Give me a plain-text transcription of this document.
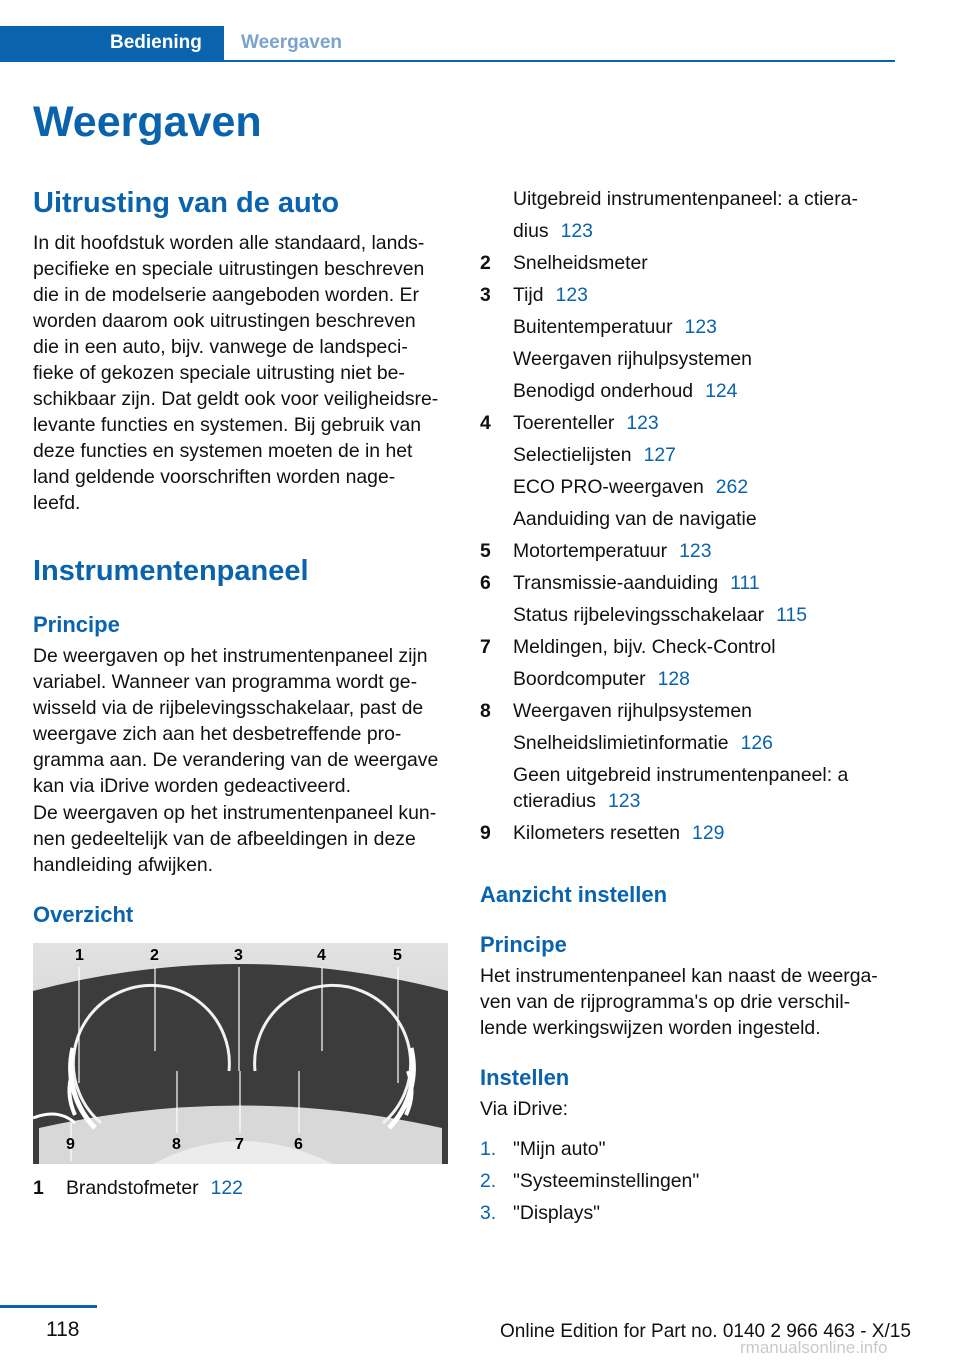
Bediening	Weergaven
Weergaven
Uitrusting van de auto
In dit hoofdstuk worden alle standaard, lands-
pecifieke en speciale uitrustingen beschreven
die in de modelserie aangeboden worden. Er
worden daarom ook uitrustingen beschreven
die in een auto, bijv. vanwege de landspeci-
fieke of gekozen speciale uitrusting niet be-
schikbaar zijn. Dat geldt ook voor veiligheidsre-
levante functies en systemen. Bij gebruik van
deze functies en systemen moeten de in het
land geldende voorschriften worden nage-
leefd.
Instrumentenpaneel
Principe
De weergaven op het instrumentenpaneel zijn
variabel. Wanneer van programma wordt ge-
wisseld via de rijbelevingsschakelaar, past de
weergave zich aan het desbetreffende pro-
gramma aan. De verandering van de weergave
kan via iDrive worden gedeactiveerd.
De weergaven op het instrumentenpaneel kun-
nen gedeeltelijk van de afbeeldingen in deze
handleiding afwijken.
Overzicht
1	2	3	4	5
9	8	7	6
1 Brandstofmeter 122
Uitgebreid instrumentenpaneel: a ctiera-
dius 123
2	Snelheidsmeter
3	Tijd 123
Buitentemperatuur 123
Weergaven rijhulpsystemen
Benodigd onderhoud 124
4	Toerenteller 123
Selectielijsten 127
ECO PRO-weergaven 262
Aanduiding van de navigatie
5	Motortemperatuur 123
6	Transmissie-aanduiding 111
Status rijbelevingsschakelaar 115
7	Meldingen, bijv. Check-Control
Boordcomputer 128
8	Weergaven rijhulpsystemen
Snelheidslimietinformatie 126
Geen uitgebreid instrumentenpaneel: a
ctieradius 123
9	Kilometers resetten 129
Aanzicht instellen
Principe
Het instrumentenpaneel kan naast de weerga-
ven van de rijprogramma's op drie verschil-
lende werkingswijzen worden ingesteld.
Instellen
Via iDrive:
1. "Mijn auto"
2. "Systeeminstellingen"
3. "Displays"
118	Online Edition for Part no. 0140 2 966 463 - X/15
rmanualsonline.info
